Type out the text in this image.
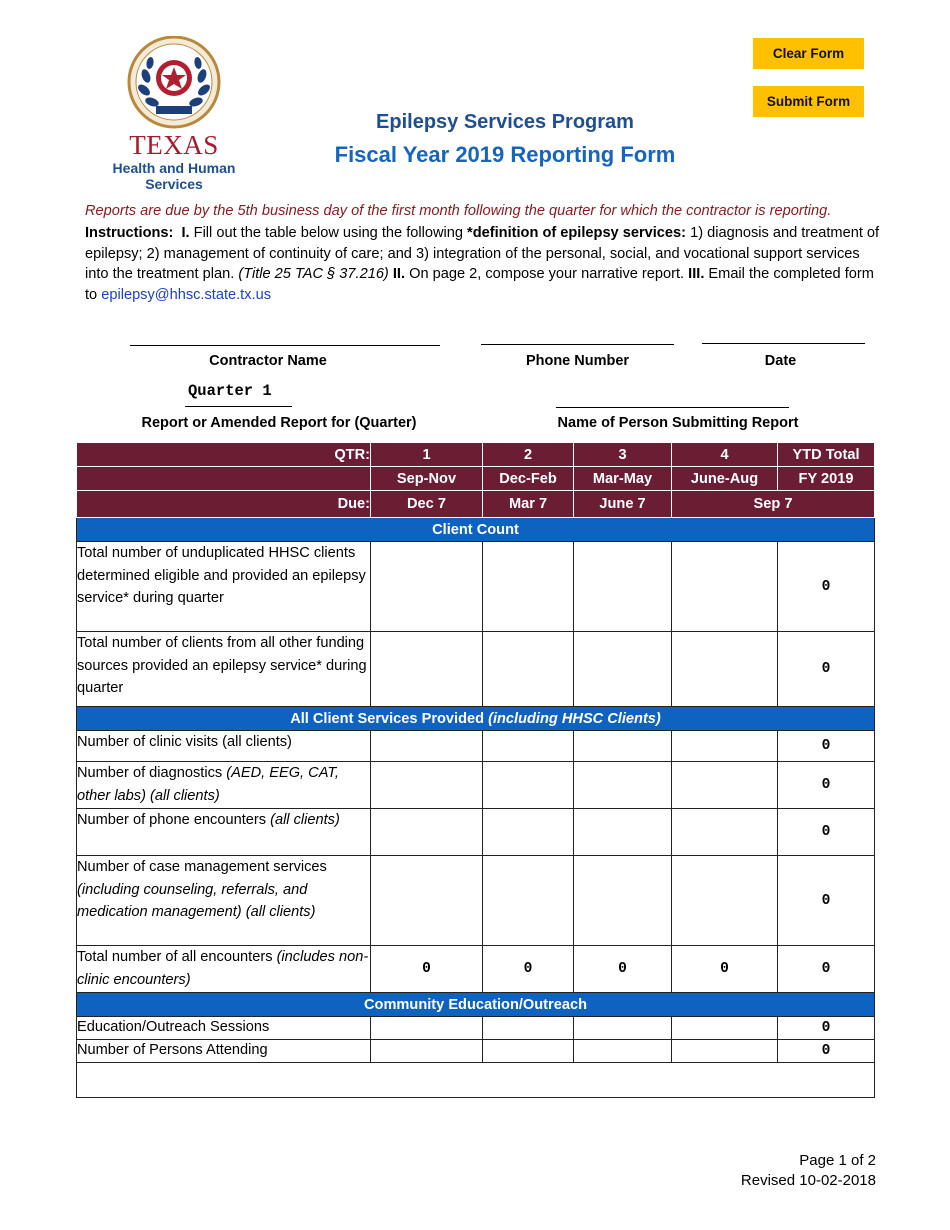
TEXAS
Health and Human Services
Clear Form
Submit Form
Epilepsy Services Program
Fiscal Year 2019 Reporting Form
Reports are due by the 5th business day of the first month following the quarter for which the contractor is reporting.
Instructions: I. Fill out the table below using the following *definition of epilepsy services: 1) diagnosis and treatment of epilepsy; 2) management of continuity of care; and 3) integration of the personal, social, and vocational support services into the treatment plan. (Title 25 TAC § 37.216) II. On page 2, compose your narrative report. III. Email the completed form to epilepsy@hhsc.state.tx.us
Contractor Name	Phone Number	Date
Quarter 1
Report or Amended Report for (Quarter)	Name of Person Submitting Report
QTR:	1	2	3	4	YTD Total
	Sep-Nov	Dec-Feb	Mar-May	June-Aug	FY 2019
Due:	Dec 7	Mar 7	June 7	Sep 7	
Client Count					
Total number of unduplicated HHSC clients determined eligible and provided an epilepsy service* during quarter					0
Total number of clients from all other funding sources provided an epilepsy service* during quarter					0
All Client Services Provided (including HHSC Clients)					
Number of clinic visits (all clients)					0
Number of diagnostics (AED, EEG, CAT, other labs) (all clients)					0
Number of phone encounters (all clients)					0
Number of case management services (including counseling, referrals, and medication management) (all clients)					0
Total number of all encounters (includes non-clinic encounters)	0	0	0	0	0
Community Education/Outreach					
Education/Outreach Sessions					0
Number of Persons Attending					0

Page 1 of 2
Revised 10-02-2018
